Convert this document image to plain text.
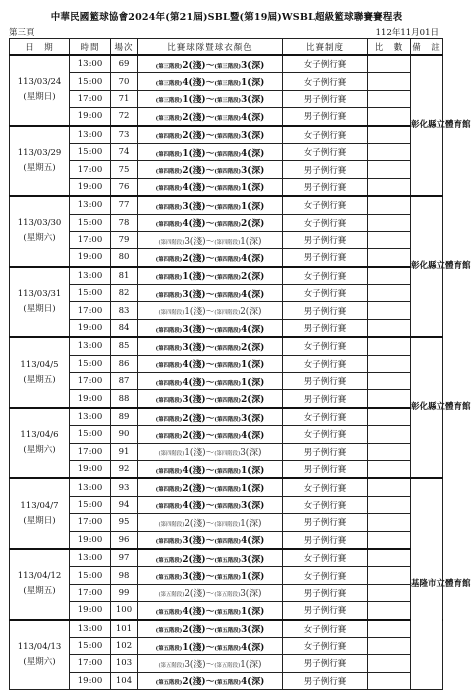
中華民國籃球協會2024年(第21屆)SBL暨(第19屆)WSBL超級籃球聯賽賽程表
第三頁	112年11月01日
日　期	時間	場次	比賽球隊暨球衣顏色	比賽制度	比　數	備　註	

113/03/24
(星期日)	13:00	69	(第三階段)2(淺)～(第三階段)3(深)	女子例行賽		彰化縣立體育館	

	15:00	70	(第三階段)4(淺)～(第三階段)1(深)	女子例行賽			
	17:00	71	(第三階段)1(淺)～(第三階段)3(深)	男子例行賽			
	19:00	72	(第三階段)2(淺)～(第三階段)4(深)	男子例行賽			

113/03/29
(星期五)	13:00	73	(第四階段)2(淺)～(第四階段)3(深)	女子例行賽			
	15:00	74	(第四階段)1(淺)～(第四階段)4(深)	女子例行賽			
	17:00	75	(第四階段)2(淺)～(第四階段)3(深)	男子例行賽			
	19:00	76	(第四階段)4(淺)～(第四階段)1(深)	男子例行賽			

113/03/30
(星期六)	13:00	77	(第四階段)3(淺)～(第四階段)1(深)	女子例行賽		彰化縣立體育館	

	15:00	78	(第四階段)4(淺)～(第四階段)2(深)	女子例行賽			
	17:00	79	(第四階段)3(淺)～(第四階段)1(深)	男子例行賽			
	19:00	80	(第四階段)2(淺)～(第四階段)4(深)	男子例行賽			

113/03/31
(星期日)	13:00	81	(第四階段)1(淺)～(第四階段)2(深)	女子例行賽			
	15:00	82	(第四階段)3(淺)～(第四階段)4(深)	女子例行賽			
	17:00	83	(第四階段)1(淺)～(第四階段)2(深)	男子例行賽			
	19:00	84	(第四階段)3(淺)～(第四階段)4(深)	男子例行賽			

113/04/5
(星期五)	13:00	85	(第四階段)3(淺)～(第四階段)2(深)	女子例行賽		彰化縣立體育館	

	15:00	86	(第四階段)4(淺)～(第四階段)1(深)	女子例行賽			
	17:00	87	(第四階段)4(淺)～(第四階段)1(深)	男子例行賽			
	19:00	88	(第四階段)3(淺)～(第四階段)2(深)	男子例行賽			

113/04/6
(星期六)	13:00	89	(第四階段)2(淺)～(第四階段)3(深)	女子例行賽			
	15:00	90	(第四階段)2(淺)～(第四階段)4(深)	女子例行賽			
	17:00	91	(第四階段)1(淺)～(第四階段)3(深)	男子例行賽			
	19:00	92	(第四階段)4(淺)～(第四階段)1(深)	男子例行賽			

113/04/7
(星期日)	13:00	93	(第四階段)2(淺)～(第四階段)1(深)	女子例行賽		基隆市立體育館	

	15:00	94	(第四階段)4(淺)～(第四階段)3(深)	女子例行賽			
	17:00	95	(第四階段)2(淺)～(第四階段)1(深)	男子例行賽			
	19:00	96	(第四階段)3(淺)～(第四階段)4(深)	男子例行賽			

113/04/12
(星期五)	13:00	97	(第五階段)2(淺)～(第五階段)3(深)	女子例行賽			
	15:00	98	(第五階段)3(淺)～(第五階段)1(深)	女子例行賽			
	17:00	99	(第五階段)2(淺)～(第五階段)3(深)	男子例行賽			
	19:00	100	(第五階段)4(淺)～(第五階段)1(深)	男子例行賽			

113/04/13
(星期六)	13:00	101	(第五階段)2(淺)～(第五階段)3(深)	女子例行賽			

	15:00	102	(第五階段)1(淺)～(第五階段)4(深)	女子例行賽			
	17:00	103	(第五階段)3(淺)～(第五階段)1(深)	男子例行賽			
	19:00	104	(第五階段)2(淺)～(第五階段)4(深)	男子例行賽			
